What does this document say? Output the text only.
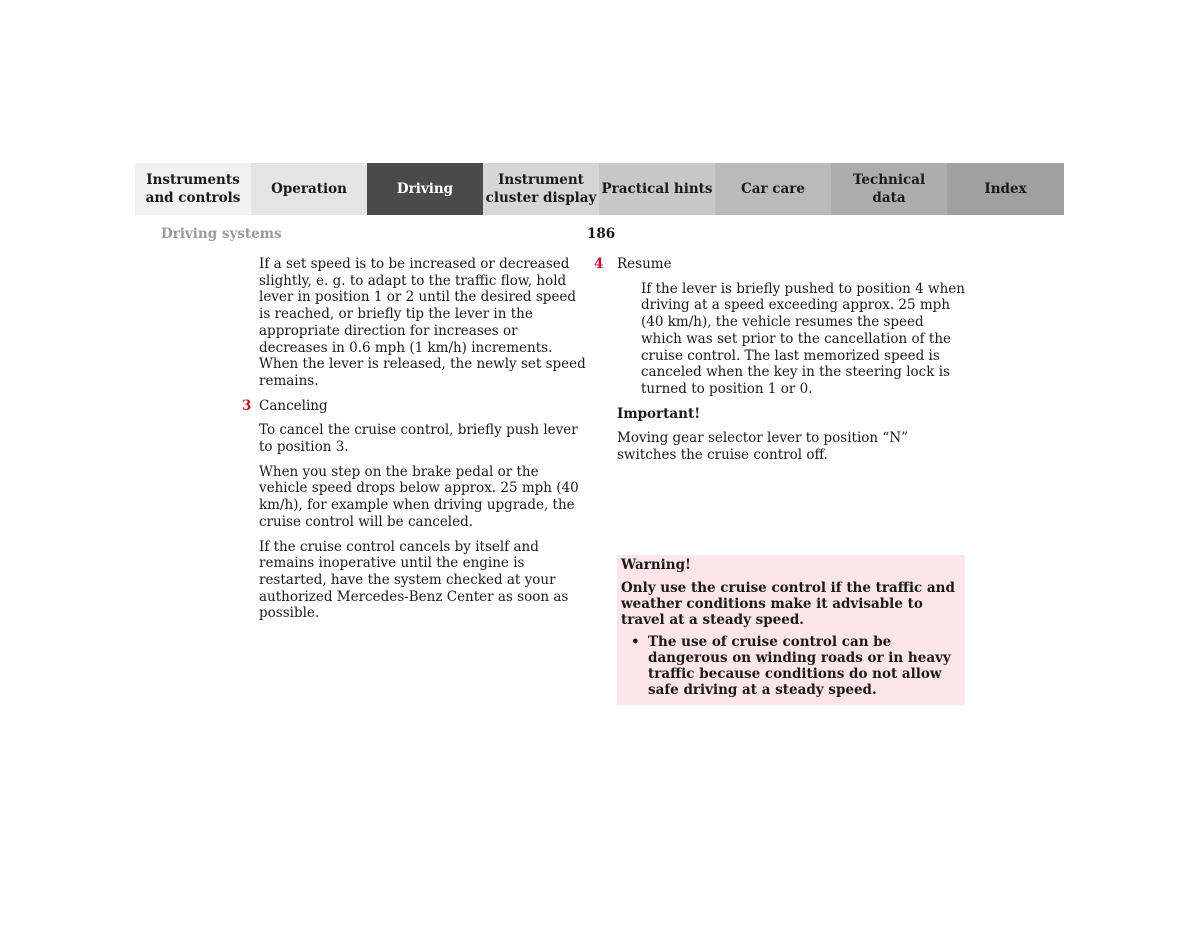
Instruments
and controls
Operation	Driving
Instrument
cluster display
Practical hints	Car care
Technical
data
Index
Driving systems	186

If a set speed is to be increased or decreased slightly, e. g. to adapt to the traffic flow, hold lever in position 1 or 2 until the desired speed is reached, or briefly tip the lever in the appropriate direction for increases or decreases in 0.6 mph (1 km/h) increments. When the lever is released, the newly set speed remains.

3 Canceling

To cancel the cruise control, briefly push lever to position 3.

When you step on the brake pedal or the vehicle speed drops below approx. 25 mph (40 km/h), for example when driving upgrade, the cruise control will be canceled.

If the cruise control cancels by itself and remains inoperative until the engine is restarted, have the system checked at your authorized Mercedes-Benz Center as soon as possible.

4 Resume

If the lever is briefly pushed to position 4 when driving at a speed exceeding approx. 25 mph (40 km/h), the vehicle resumes the speed which was set prior to the cancellation of the cruise control. The last memorized speed is canceled when the key in the steering lock is turned to position 1 or 0.

Important!

Moving gear selector lever to position “N” switches the cruise control off.

Warning!

Only use the cruise control if the traffic and weather conditions make it advisable to travel at a steady speed.

• The use of cruise control can be dangerous on winding roads or in heavy traffic because conditions do not allow safe driving at a steady speed.
